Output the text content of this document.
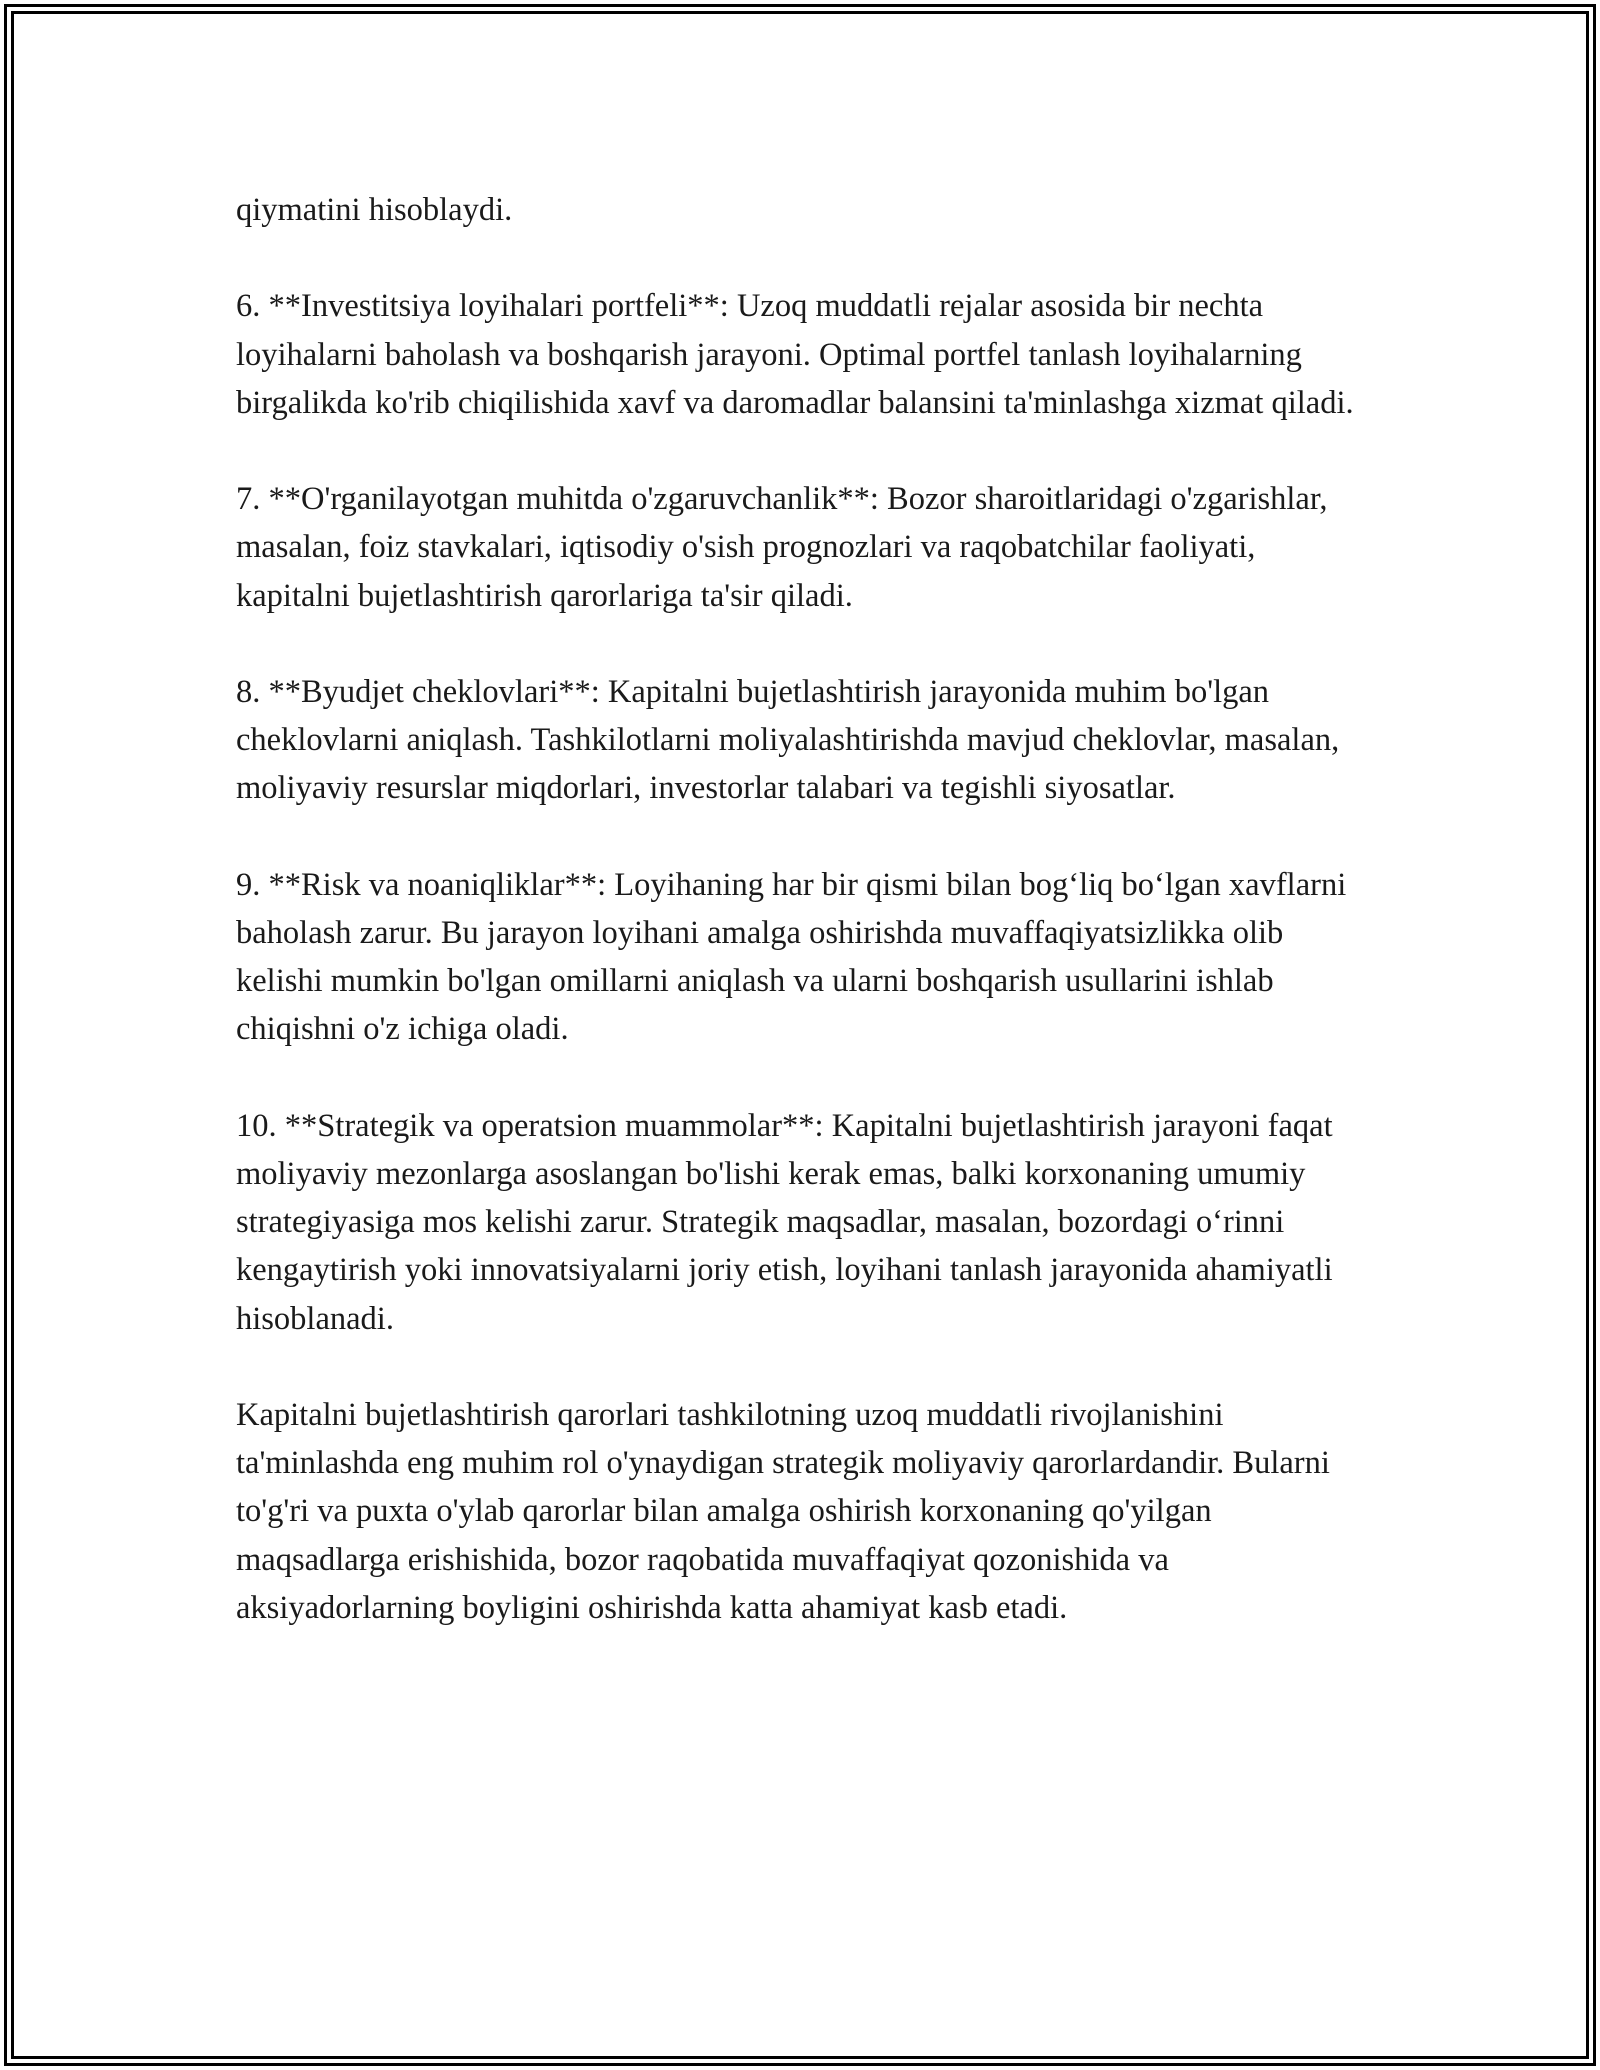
qiymatini hisoblaydi.

6. **Investitsiya loyihalari portfeli**: Uzoq muddatli rejalar asosida bir nechta loyihalarni baholash va boshqarish jarayoni. Optimal portfel tanlash loyihalarning birgalikda ko'rib chiqilishida xavf va daromadlar balansini ta'minlashga xizmat qiladi.

7. **O'rganilayotgan muhitda o'zgaruvchanlik**: Bozor sharoitlaridagi o'zgarishlar, masalan, foiz stavkalari, iqtisodiy o'sish prognozlari va raqobatchilar faoliyati, kapitalni bujetlashtirish qarorlariga ta'sir qiladi.

8. **Byudjet cheklovlari**: Kapitalni bujetlashtirish jarayonida muhim bo'lgan cheklovlarni aniqlash. Tashkilotlarni moliyalashtirishda mavjud cheklovlar, masalan, moliyaviy resurslar miqdorlari, investorlar talabari va tegishli siyosatlar.

9. **Risk va noaniqliklar**: Loyihaning har bir qismi bilan bog‘liq bo‘lgan xavflarni baholash zarur. Bu jarayon loyihani amalga oshirishda muvaffaqiyatsizlikka olib kelishi mumkin bo'lgan omillarni aniqlash va ularni boshqarish usullarini ishlab chiqishni o'z ichiga oladi.

10. **Strategik va operatsion muammolar**: Kapitalni bujetlashtirish jarayoni faqat moliyaviy mezonlarga asoslangan bo'lishi kerak emas, balki korxonaning umumiy strategiyasiga mos kelishi zarur. Strategik maqsadlar, masalan, bozordagi o‘rinni kengaytirish yoki innovatsiyalarni joriy etish, loyihani tanlash jarayonida ahamiyatli hisoblanadi.

Kapitalni bujetlashtirish qarorlari tashkilotning uzoq muddatli rivojlanishini ta'minlashda eng muhim rol o'ynaydigan strategik moliyaviy qarorlardandir. Bularni to'g'ri va puxta o'ylab qarorlar bilan amalga oshirish korxonaning qo'yilgan maqsadlarga erishishida, bozor raqobatida muvaffaqiyat qozonishida va aksiyadorlarning boyligini oshirishda katta ahamiyat kasb etadi.
